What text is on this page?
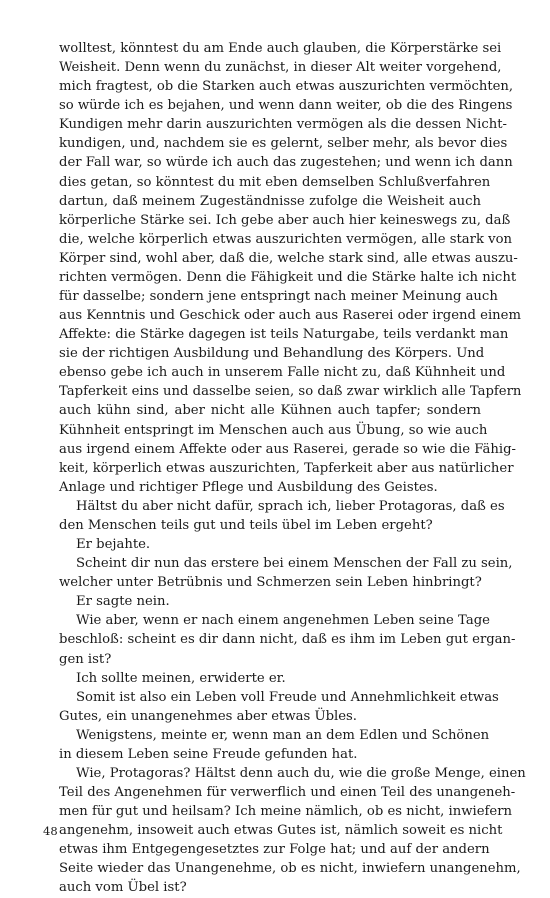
wolltest, könntest du am Ende auch glauben, die Körperstärke sei
Weisheit. Denn wenn du zunächst, in dieser Alt weiter vorgehend,
mich fragtest, ob die Starken auch etwas auszurichten vermöchten,
so würde ich es bejahen, und wenn dann weiter, ob die des Ringens
Kundigen mehr darin auszurichten vermögen als die dessen Nicht-
kundigen, und, nachdem sie es gelernt, selber mehr, als bevor dies
der Fall war, so würde ich auch das zugestehen; und wenn ich dann
dies getan, so könntest du mit eben demselben Schlußverfahren
dartun, daß meinem Zugeständnisse zufolge die Weisheit auch
körperliche Stärke sei. Ich gebe aber auch hier keineswegs zu, daß
die, welche körperlich etwas auszurichten vermögen, alle stark von
Körper sind, wohl aber, daß die, welche stark sind, alle etwas auszu-
richten vermögen. Denn die Fähigkeit und die Stärke halte ich nicht
für dasselbe; sondern jene entspringt nach meiner Meinung auch
aus Kenntnis und Geschick oder auch aus Raserei oder irgend einem
Affekte: die Stärke dagegen ist teils Naturgabe, teils verdankt man
sie der richtigen Ausbildung und Behandlung des Körpers. Und
ebenso gebe ich auch in unserem Falle nicht zu, daß Kühnheit und
Tapferkeit eins und dasselbe seien, so daß zwar wirklich alle Tapfern
auch kühn sind, aber nicht alle Kühnen auch tapfer; sondern
Kühnheit entspringt im Menschen auch aus Übung, so wie auch
aus irgend einem Affekte oder aus Raserei, gerade so wie die Fähig-
keit, körperlich etwas auszurichten, Tapferkeit aber aus natürlicher
Anlage und richtiger Pflege und Ausbildung des Geistes.
Hältst du aber nicht dafür, sprach ich, lieber Protagoras, daß es
den Menschen teils gut und teils übel im Leben ergeht?
Er bejahte.
Scheint dir nun das erstere bei einem Menschen der Fall zu sein,
welcher unter Betrübnis und Schmerzen sein Leben hinbringt?
Er sagte nein.
Wie aber, wenn er nach einem angenehmen Leben seine Tage
beschloß: scheint es dir dann nicht, daß es ihm im Leben gut ergan-
gen ist?
Ich sollte meinen, erwiderte er.
Somit ist also ein Leben voll Freude und Annehmlichkeit etwas
Gutes, ein unangenehmes aber etwas Übles.
Wenigstens, meinte er, wenn man an dem Edlen und Schönen
in diesem Leben seine Freude gefunden hat.
Wie, Protagoras? Hältst denn auch du, wie die große Menge, einen
Teil des Angenehmen für verwerflich und einen Teil des unangeneh-
men für gut und heilsam? Ich meine nämlich, ob es nicht, inwiefern
angenehm, insoweit auch etwas Gutes ist, nämlich soweit es nicht
etwas ihm Entgegengesetztes zur Folge hat; und auf der andern
Seite wieder das Unangenehme, ob es nicht, inwiefern unangenehm,
auch vom Übel ist?
48
